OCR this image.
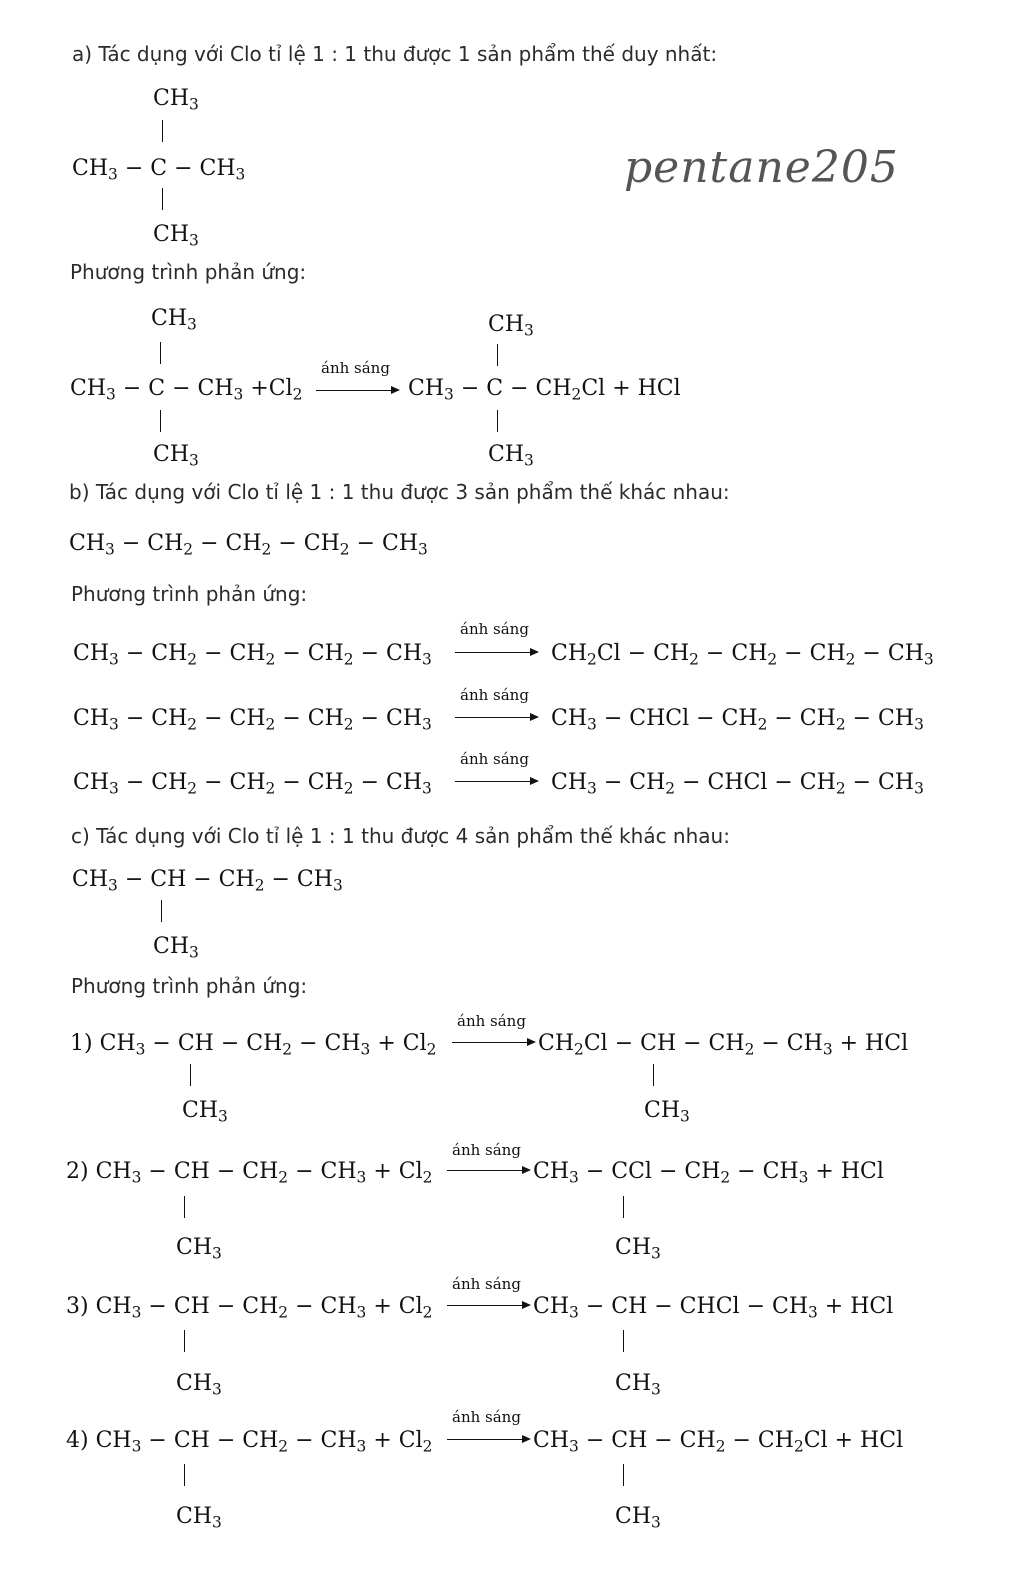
a) Tác dụng với Clo tỉ lệ 1 : 1 thu được 1 sản phẩm thế duy nhất:
$CH_3$
$CH_3 - C - CH_3$
$CH_3$
pentane205
Phương trình phản ứng:
$CH_3$
$CH_3 - C - CH_3 +Cl_2$
$CH_3$
ánh sáng
$CH_3$
$CH_3 - C - CH_2Cl$ + HCl
$CH_3$
b) Tác dụng với Clo tỉ lệ 1 : 1 thu được 3 sản phẩm thế khác nhau:
$CH_3 - CH_2 - CH_2 - CH_2 - CH_3$
Phương trình phản ứng:
$CH_3 - CH_2 - CH_2 - CH_2 - CH_3$
ánh sáng
$CH_2Cl - CH_2 - CH_2 - CH_2 - CH_3$
$CH_3 - CH_2 - CH_2 - CH_2 - CH_3$
ánh sáng
$CH_3$ − CHCl − $CH_2 - CH_2 - CH_3$
$CH_3 - CH_2 - CH_2 - CH_2 - CH_3$
ánh sáng
$CH_3 - CH_2$ − CHCl − $CH_2 - CH_3$
c) Tác dụng với Clo tỉ lệ 1 : 1 thu được 4 sản phẩm thế khác nhau:
$CH_3$ − CH − $CH_2 - CH_3$
$CH_3$
Phương trình phản ứng:
1) $CH_3$ − CH − $CH_2 - CH_3 + Cl_2$
$CH_3$
ánh sáng
$CH_2Cl$ − CH − $CH_2 - CH_3$ + HCl
$CH_3$
2) $CH_3$ − CH − $CH_2 - CH_3 + Cl_2$
$CH_3$
ánh sáng
$CH_3$ − CCl − $CH_2 - CH_3$ + HCl
$CH_3$
3) $CH_3$ − CH − $CH_2 - CH_3 + Cl_2$
$CH_3$
ánh sáng
$CH_3$ − CH − CHCl − $CH_3$ + HCl
$CH_3$
4) $CH_3$ − CH − $CH_2 - CH_3 + Cl_2$
$CH_3$
ánh sáng
$CH_3$ − CH − $CH_2 - CH_2Cl$ + HCl
$CH_3$
